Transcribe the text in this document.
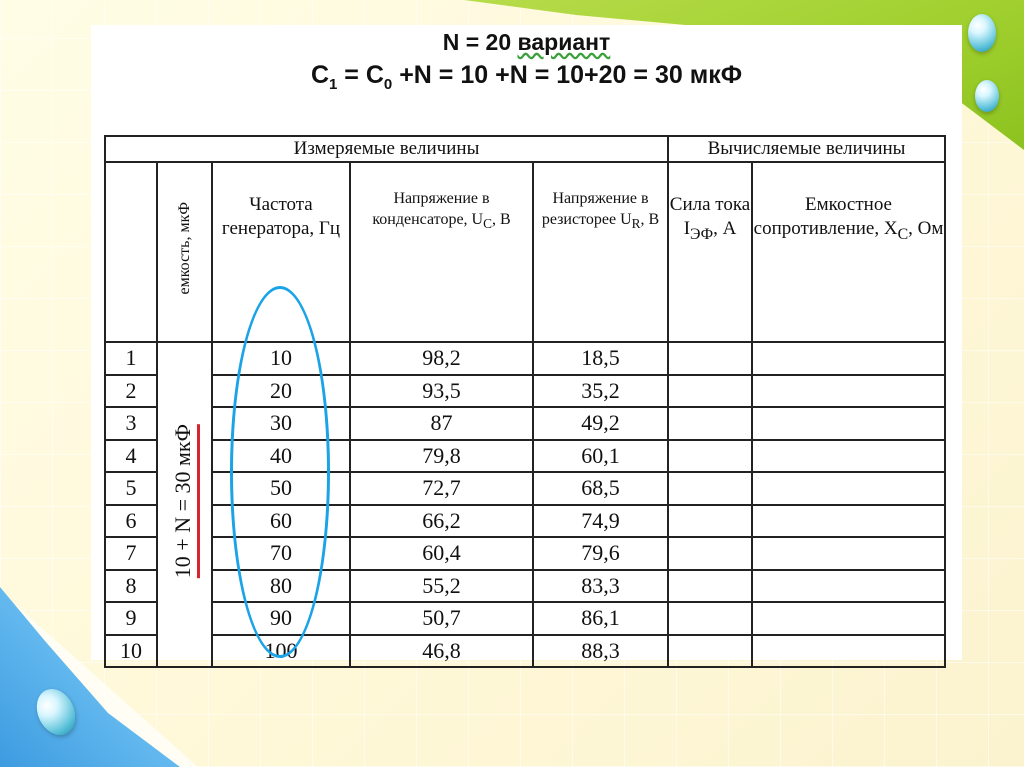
N = 20 вариант
$C_1 = C_0 +N = 10 +N = 10+20 = 30$ мкФ
Измеряемые величины					Вычисляемые величины	
	емкость, мкФ	Частота генератора, Гц	Напряжение в конденсаторе, $U_С$, В	Напряжение в резисторее $U_R$, В	Сила тока $I_{ЭФ}$, А	Емкостное сопротивление, $X_С$, Ом
1	10 + N = 30 мкФ	10	98,2	18,5		
2		20	93,5	35,2		
3		30	87	49,2		
4		40	79,8	60,1		
5		50	72,7	68,5		
6		60	66,2	74,9		
7		70	60,4	79,6		
8		80	55,2	83,3		
9		90	50,7	86,1		
10		100	46,8	88,3		
